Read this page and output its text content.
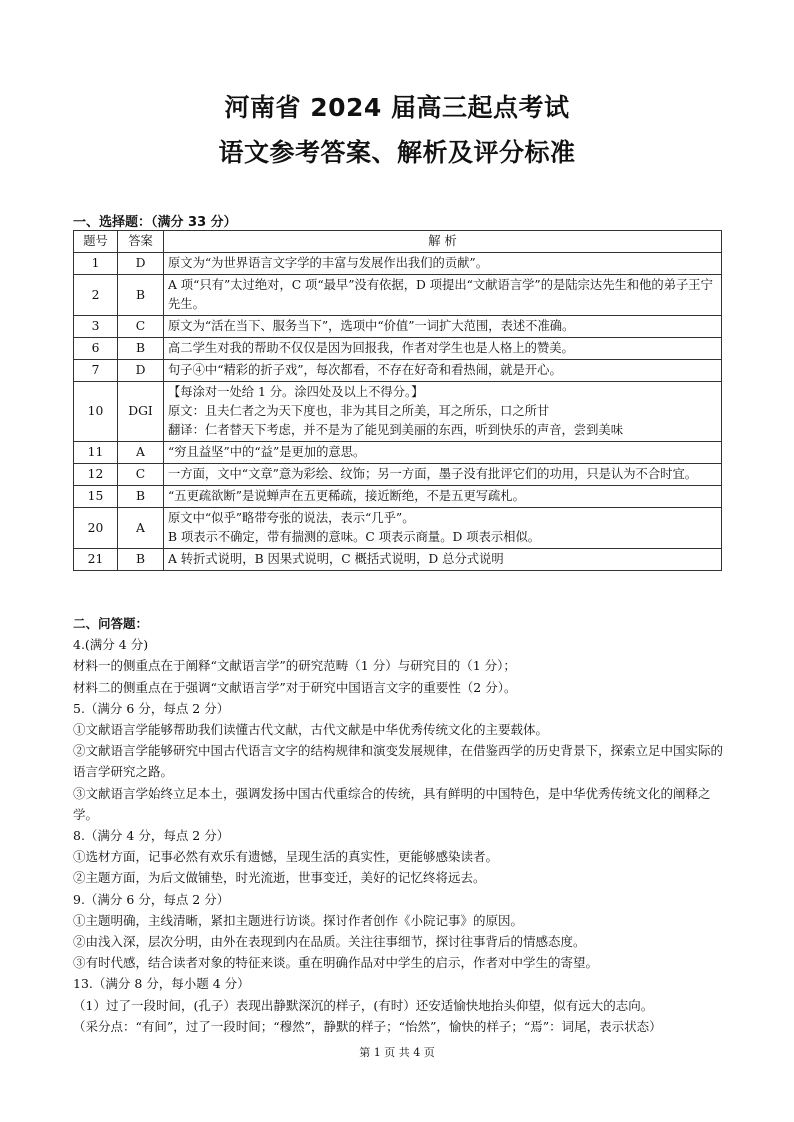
河南省 2024 届高三起点考试
语文参考答案、解析及评分标准
一、选择题：（满分 33 分）
题号	答案	解 析
1	D	原文为“为世界语言文字学的丰富与发展作出我们的贡献”。

2	B	A 项“只有”太过绝对，C 项“最早”没有依据，D 项提出“文献语言学”的是陆宗达先生和他的弟子王宁先生。

3	C	原文为“活在当下、服务当下”，选项中“价值”一词扩大范围，表述不准确。

6	B	高二学生对我的帮助不仅仅是因为回报我，作者对学生也是人格上的赞美。

7	D	句子④中“精彩的折子戏”，每次都看，不存在好奇和看热闹，就是开心。

10	DGI	【每涂对一处给 1 分。涂四处及以上不得分。】
原文：且夫仁者之为天下度也，非为其目之所美，耳之所乐，口之所甘
翻译：仁者替天下考虑，并不是为了能见到美丽的东西，听到快乐的声音，尝到美味

11	A	“穷且益坚”中的“益”是更加的意思。

12	C	一方面，文中“文章”意为彩绘、纹饰；另一方面，墨子没有批评它们的功用，只是认为不合时宜。

15	B	“五更疏欲断”是说蝉声在五更稀疏，接近断绝，不是五更写疏札。

20	A	原文中“似乎”略带夸张的说法，表示“几乎”。
B 项表示不确定，带有揣测的意味。C 项表示商量。D 项表示相似。

21	B	A 转折式说明，B 因果式说明，C 概括式说明，D 总分式说明
二、问答题：
4.(满分 4 分)
材料一的侧重点在于阐释“文献语言学”的研究范畴（1 分）与研究目的（1 分）；
材料二的侧重点在于强调“文献语言学”对于研究中国语言文字的重要性（2 分）。
5.（满分 6 分，每点 2 分）
①文献语言学能够帮助我们读懂古代文献，古代文献是中华优秀传统文化的主要载体。
②文献语言学能够研究中国古代语言文字的结构规律和演变发展规律，在借鉴西学的历史背景下，探索立足中国实际的语言学研究之路。
③文献语言学始终立足本土，强调发扬中国古代重综合的传统，具有鲜明的中国特色，是中华优秀传统文化的阐释之学。
8.（满分 4 分，每点 2 分）
①选材方面，记事必然有欢乐有遗憾，呈现生活的真实性，更能够感染读者。
②主题方面，为后文做铺垫，时光流逝，世事变迁，美好的记忆终将远去。
9.（满分 6 分，每点 2 分）
①主题明确，主线清晰，紧扣主题进行访谈。探讨作者创作《小院记事》的原因。
②由浅入深，层次分明，由外在表现到内在品质。关注往事细节，探讨往事背后的情感态度。
③有时代感，结合读者对象的特征来谈。重在明确作品对中学生的启示，作者对中学生的寄望。
13.（满分 8 分，每小题 4 分）
（1）过了一段时间，(孔子）表现出静默深沉的样子，(有时）还安适愉快地抬头仰望，似有远大的志向。
（采分点：“有间”，过了一段时间；“穆然”，静默的样子；“怡然”，愉快的样子；“焉”：词尾，表示状态）
第 1 页 共 4 页
